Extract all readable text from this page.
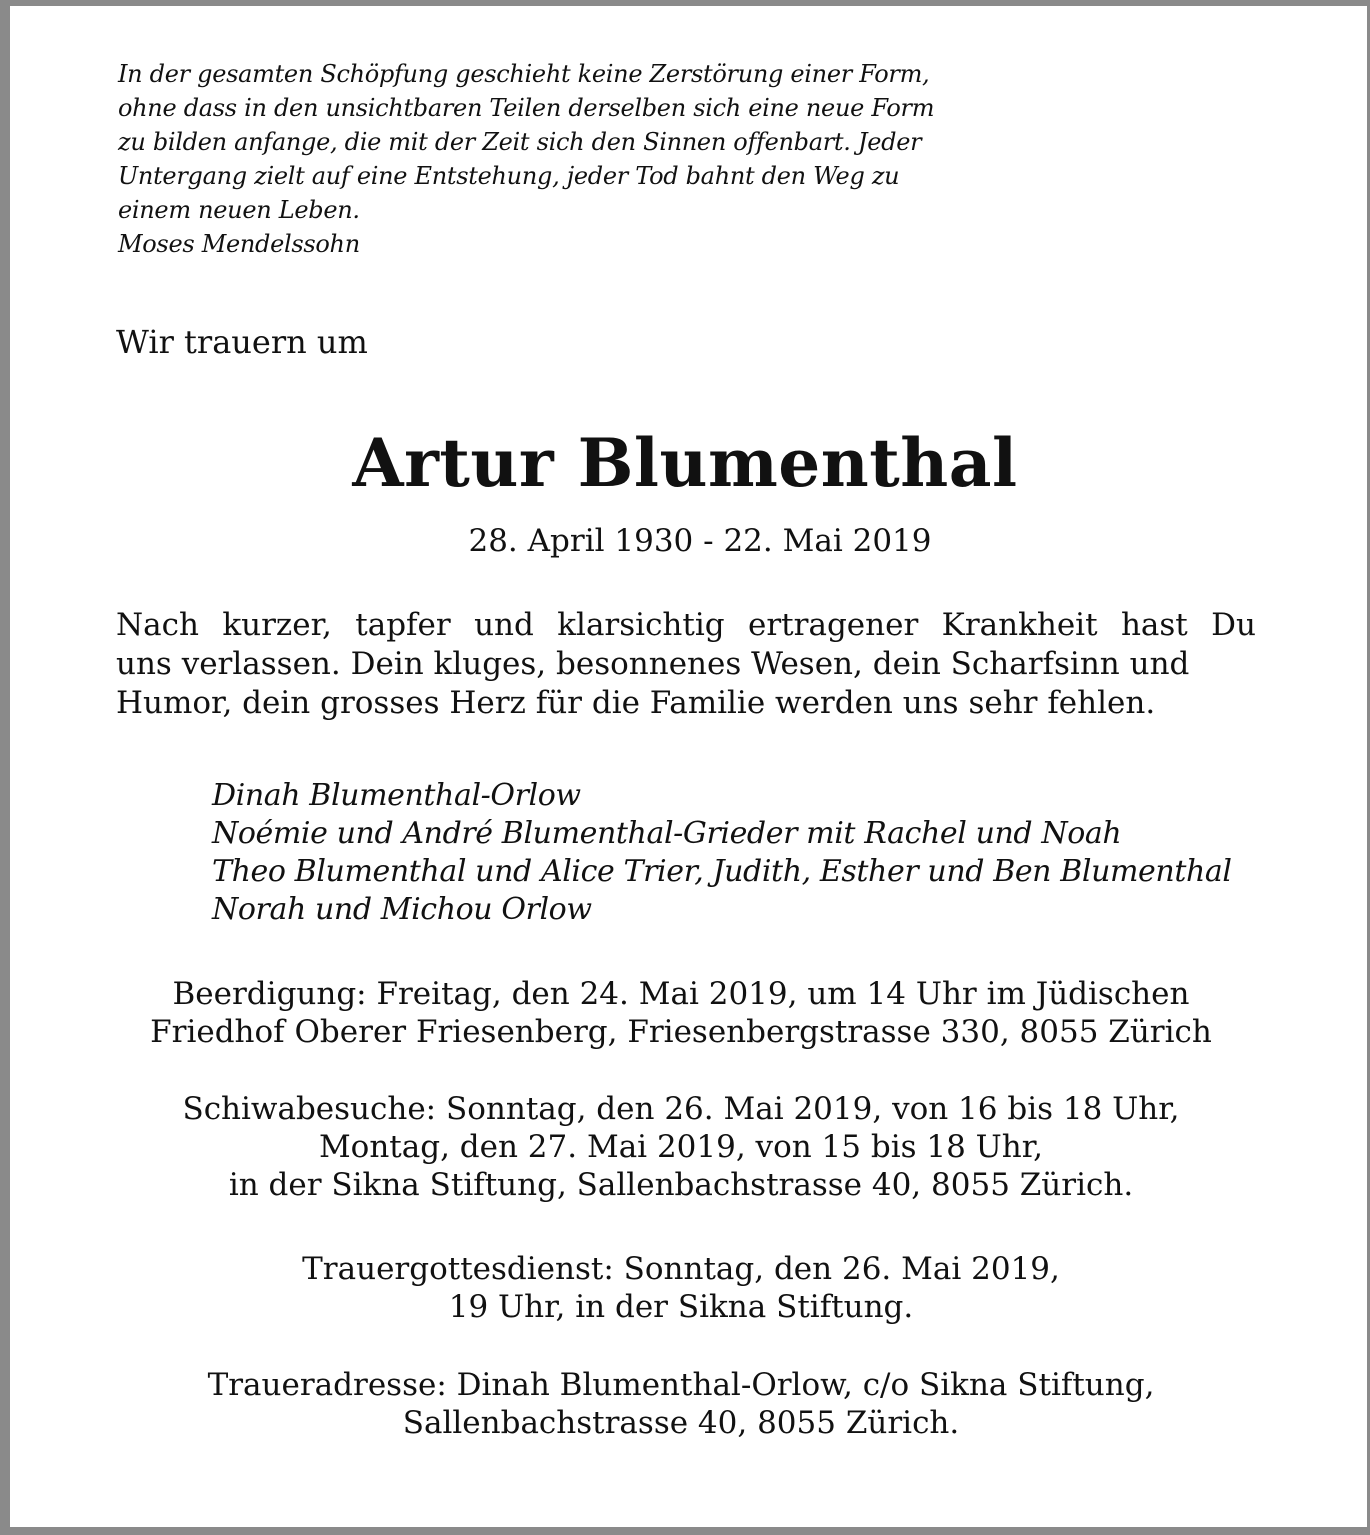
In der gesamten Schöpfung geschieht keine Zerstörung einer Form,
ohne dass in den unsichtbaren Teilen derselben sich eine neue Form
zu bilden anfange, die mit der Zeit sich den Sinnen offenbart. Jeder
Untergang zielt auf eine Entstehung, jeder Tod bahnt den Weg zu
einem neuen Leben.
Moses Mendelssohn
Wir trauern um
Artur Blumenthal
28. April 1930 - 22. Mai 2019
Nach kurzer, tapfer und klarsichtig ertragener Krankheit hast Du
uns verlassen. Dein kluges, besonnenes Wesen, dein Scharfsinn und
Humor, dein grosses Herz für die Familie werden uns sehr fehlen.
Dinah Blumenthal-Orlow
Noémie und André Blumenthal-Grieder mit Rachel und Noah
Theo Blumenthal und Alice Trier, Judith, Esther und Ben Blumenthal
Norah und Michou Orlow
Beerdigung: Freitag, den 24. Mai 2019, um 14 Uhr im Jüdischen
Friedhof Oberer Friesenberg, Friesenbergstrasse 330, 8055 Zürich
Schiwabesuche: Sonntag, den 26. Mai 2019, von 16 bis 18 Uhr,
Montag, den 27. Mai 2019, von 15 bis 18 Uhr,
in der Sikna Stiftung, Sallenbachstrasse 40, 8055 Zürich.
Trauergottesdienst: Sonntag, den 26. Mai 2019,
19 Uhr, in der Sikna Stiftung.
Traueradresse: Dinah Blumenthal-Orlow, c/o Sikna Stiftung,
Sallenbachstrasse 40, 8055 Zürich.
